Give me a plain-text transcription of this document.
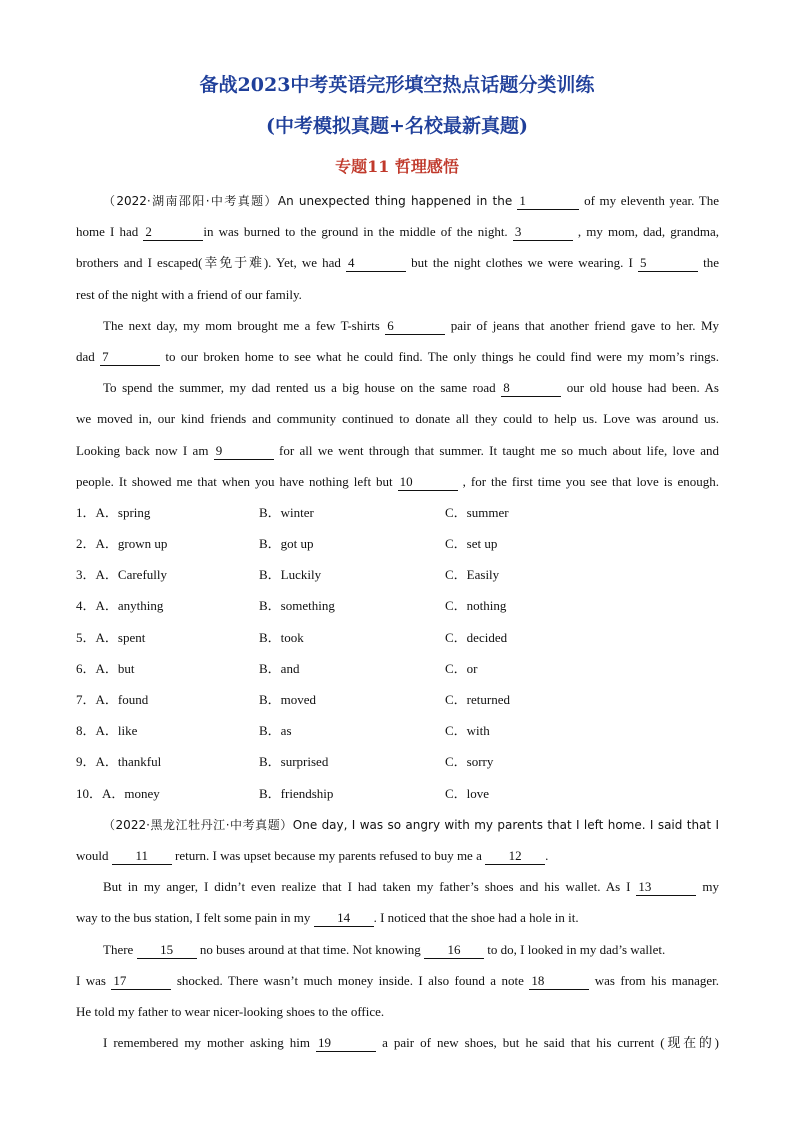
备战2023中考英语完形填空热点话题分类训练
(中考模拟真题+名校最新真题)
专题11 哲理感悟
（2022·湖南邵阳·中考真题）An unexpected thing happened in the 1	of my eleventh year. The
home I had 2	in was burned to the ground in the middle of the night. 3	, my mom, dad, grandma,
brothers and I escaped(幸免于难). Yet, we had 4	but the night clothes we were wearing. I 5	the
rest of the night with a friend of our family.
The next day, my mom brought me a few T-shirts 6	pair of jeans that another friend gave to her. My
dad 7	to our broken home to see what he could find. The only things he could find were my mom’s rings.
To spend the summer, my dad rented us a big house on the same road 8	our old house had been. As
we moved in, our kind friends and community continued to donate all they could to help us. Love was around us.
Looking back now I am 9	for all we went through that summer. It taught me so much about life, love and
people. It showed me that when you have nothing left but 10	, for the first time you see that love is enough.
1．A．spring	B．winter	C．summer
2．A．grown up	B．got up	C．set up
3．A．Carefully	B．Luckily	C．Easily
4．A．anything	B．something	C．nothing
5．A．spent	B．took	C．decided
6．A．but	B．and	C．or
7．A．found	B．moved	C．returned
8．A．like	B．as	C．with
9．A．thankful	B．surprised	C．sorry
10．A．money	B．friendship	C．love
（2022·黑龙江牡丹江·中考真题）One day, I was so angry with my parents that I left home. I said that I
would 11 return. I was upset because my parents refused to buy me a 12 .
But in my anger, I didn’t even realize that I had taken my father’s shoes and his wallet. As I 13	my
way to the bus station, I felt some pain in my 14 . I noticed that the shoe had a hole in it.
There 15 no buses around at that time. Not knowing 16 to do, I looked in my dad’s wallet.
I was 17	shocked. There wasn’t much money inside. I also found a note 18	was from his manager.
He told my father to wear nicer-looking shoes to the office.
I remembered my mother asking him 19	a pair of new shoes, but he said that his current (现在的)
